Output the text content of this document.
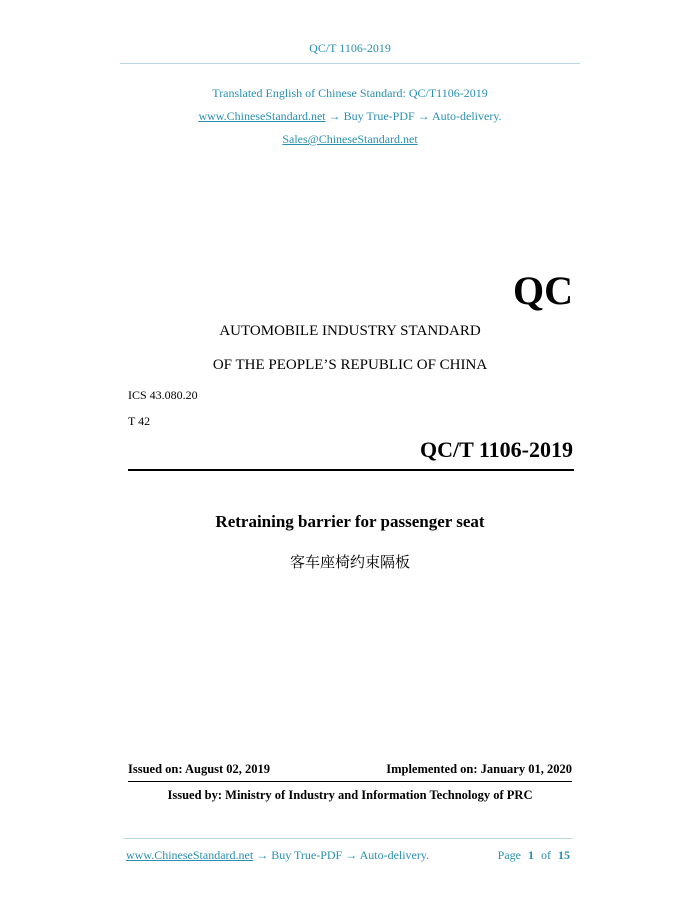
QC/T 1106-2019
Translated English of Chinese Standard: QC/T1106-2019
www.ChineseStandard.net → Buy True-PDF → Auto-delivery.
Sales@ChineseStandard.net
QC
AUTOMOBILE INDUSTRY STANDARD
OF THE PEOPLE’S REPUBLIC OF CHINA
ICS 43.080.20
T 42
QC/T 1106-2019
Retraining barrier for passenger seat
客车座椅约束隔板
Issued on: August 02, 2019	Implemented on: January 01, 2020
Issued by: Ministry of Industry and Information Technology of PRC
www.ChineseStandard.net → Buy True-PDF → Auto-delivery.	Page 1 of 15
